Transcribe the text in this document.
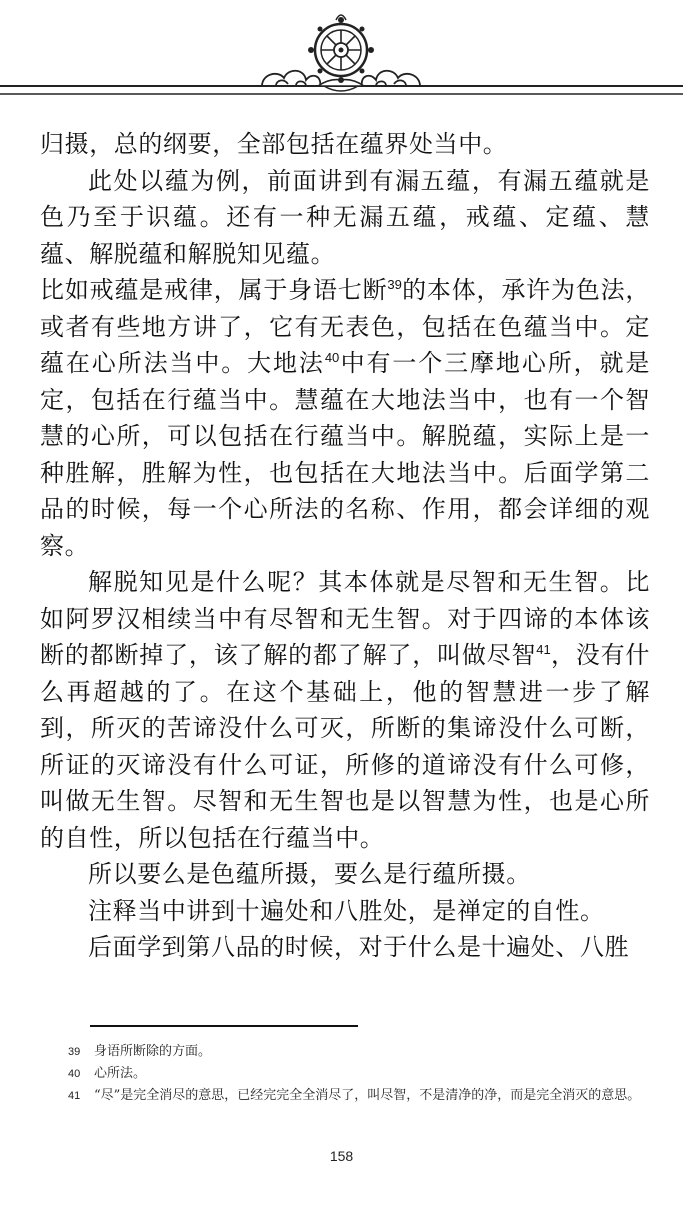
归摄，总的纲要，全部包括在蕴界处当中。

此处以蕴为例，前面讲到有漏五蕴，有漏五蕴就是色乃至于识蕴。还有一种无漏五蕴，戒蕴、定蕴、慧蕴、解脱蕴和解脱知见蕴。

比如戒蕴是戒律，属于身语七断$^{39}$的本体，承许为色法，或者有些地方讲了，它有无表色，包括在色蕴当中。定蕴在心所法当中。大地法$^{40}$中有一个三摩地心所，就是定，包括在行蕴当中。慧蕴在大地法当中，也有一个智慧的心所，可以包括在行蕴当中。解脱蕴，实际上是一种胜解，胜解为性，也包括在大地法当中。后面学第二品的时候，每一个心所法的名称、作用，都会详细的观察。

解脱知见是什么呢？其本体就是尽智和无生智。比如阿罗汉相续当中有尽智和无生智。对于四谛的本体该断的都断掉了，该了解的都了解了，叫做尽智$^{41}$，没有什么再超越的了。在这个基础上，他的智慧进一步了解到，所灭的苦谛没什么可灭，所断的集谛没什么可断，所证的灭谛没有什么可证，所修的道谛没有什么可修，叫做无生智。尽智和无生智也是以智慧为性，也是心所的自性，所以包括在行蕴当中。

所以要么是色蕴所摄，要么是行蕴所摄。

注释当中讲到十遍处和八胜处，是禅定的自性。

后面学到第八品的时候，对于什么是十遍处、八胜

39 身语所断除的方面。

40 心所法。

41 “尽”是完全消尽的意思，已经完完全全消尽了，叫尽智，不是清净的净，而是完全消灭的意思。

158
